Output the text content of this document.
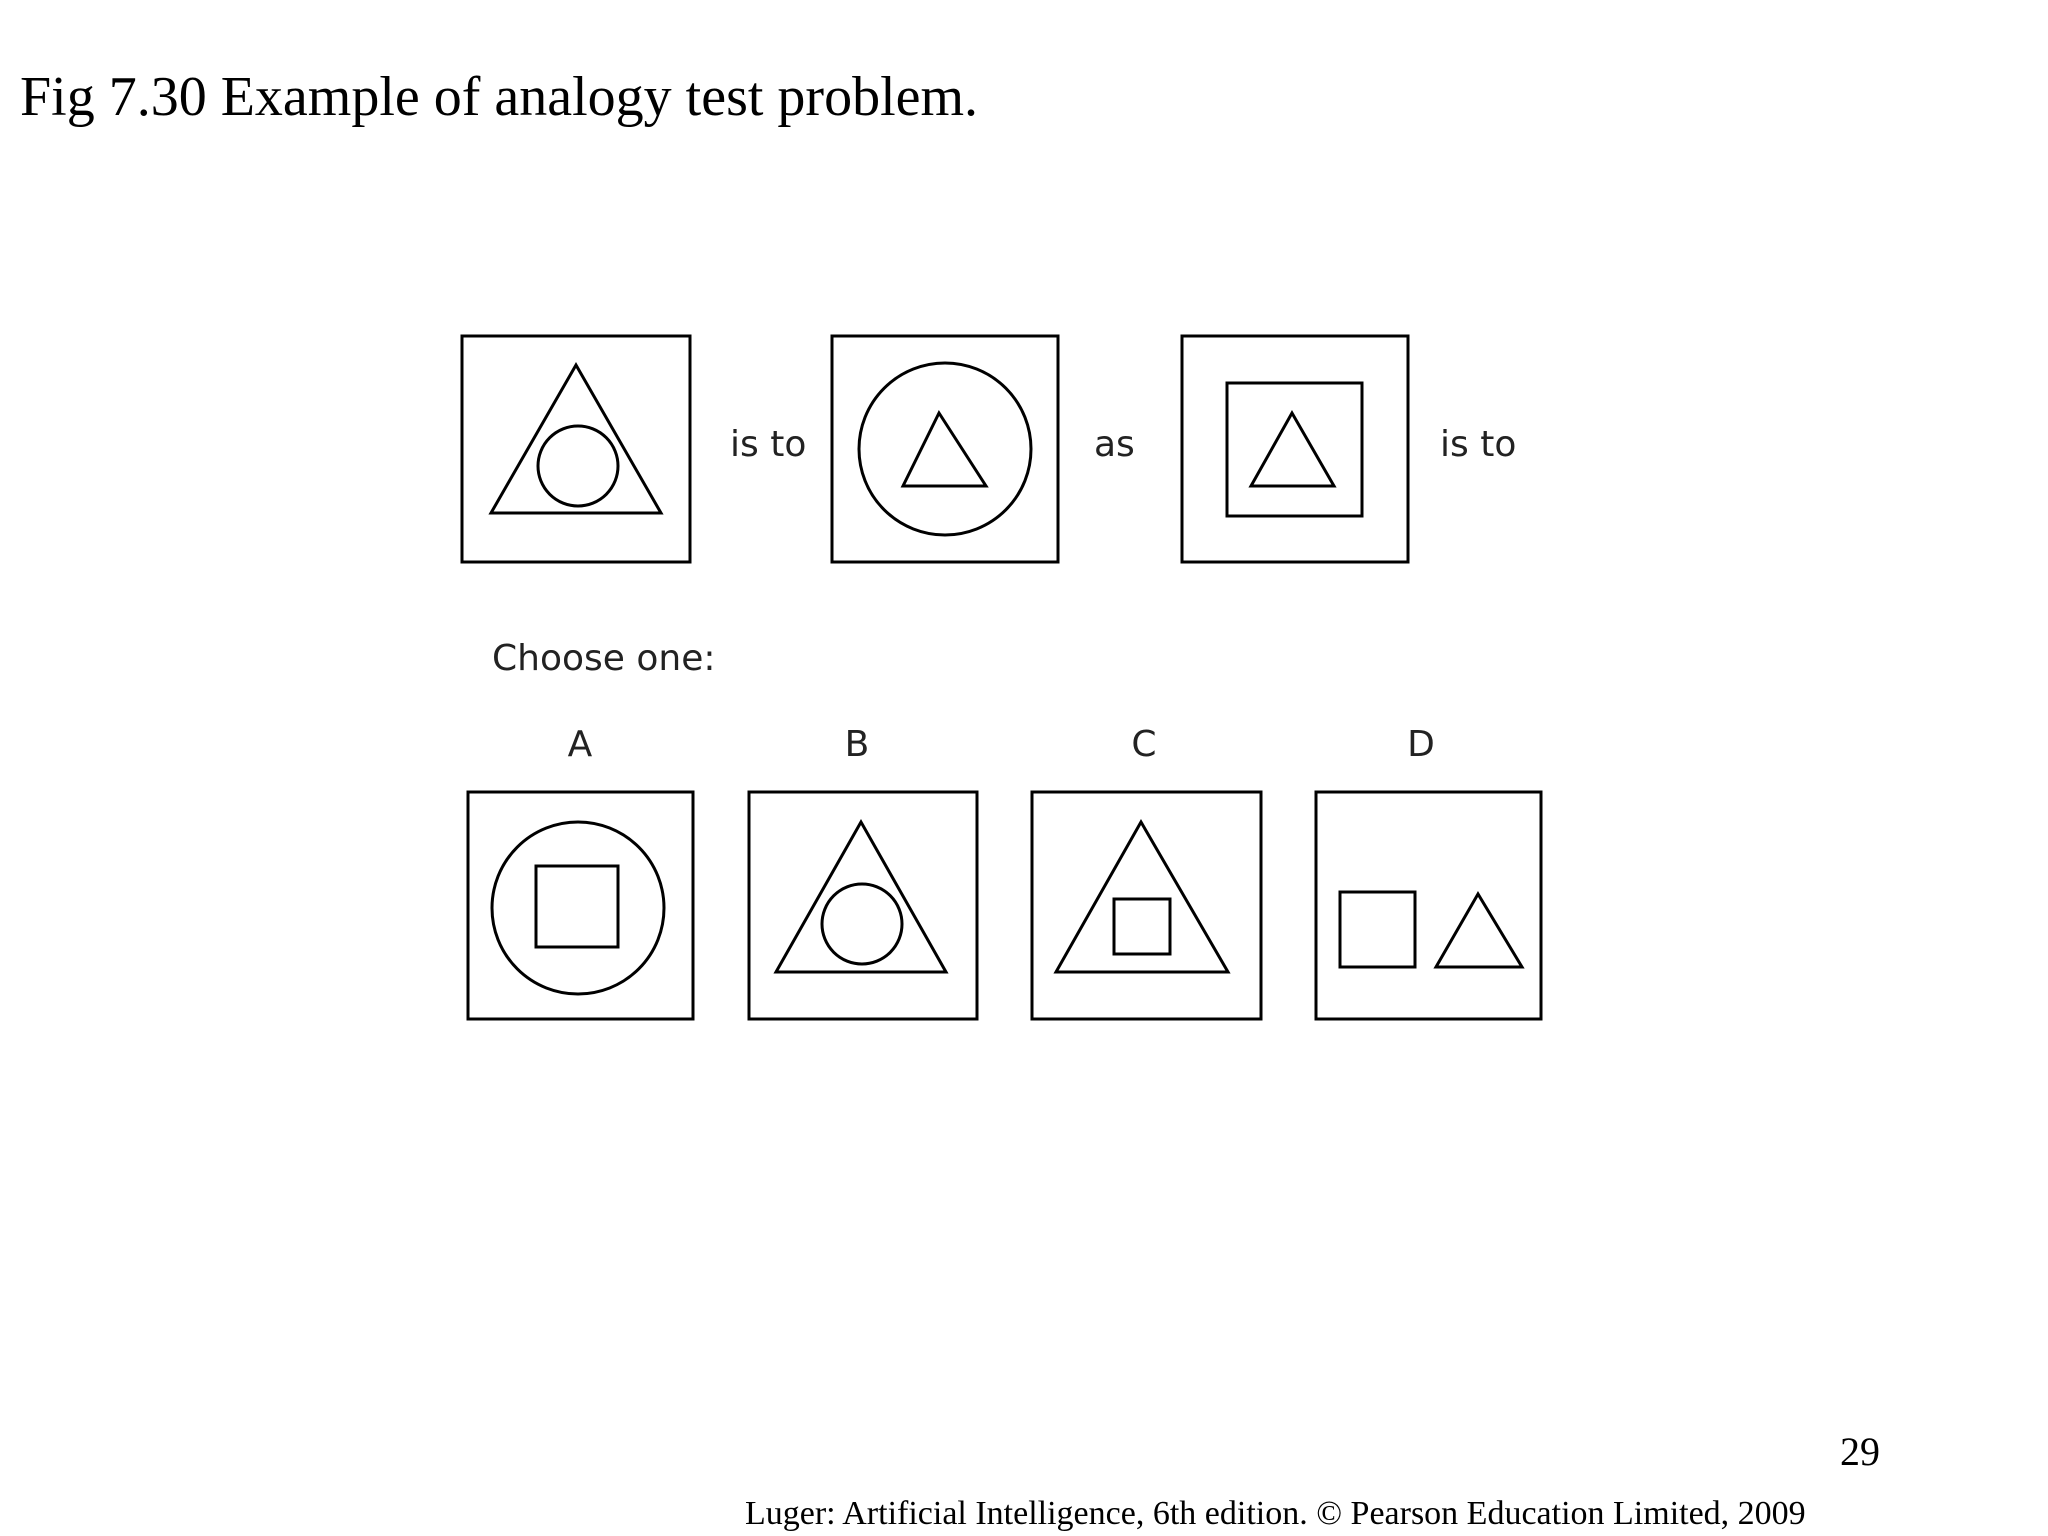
Fig 7.30 Example of analogy test problem.
is to	as	is to
Choose one:
A	B	C	D
29
Luger: Artificial Intelligence, 6th edition. © Pearson Education Limited, 2009
